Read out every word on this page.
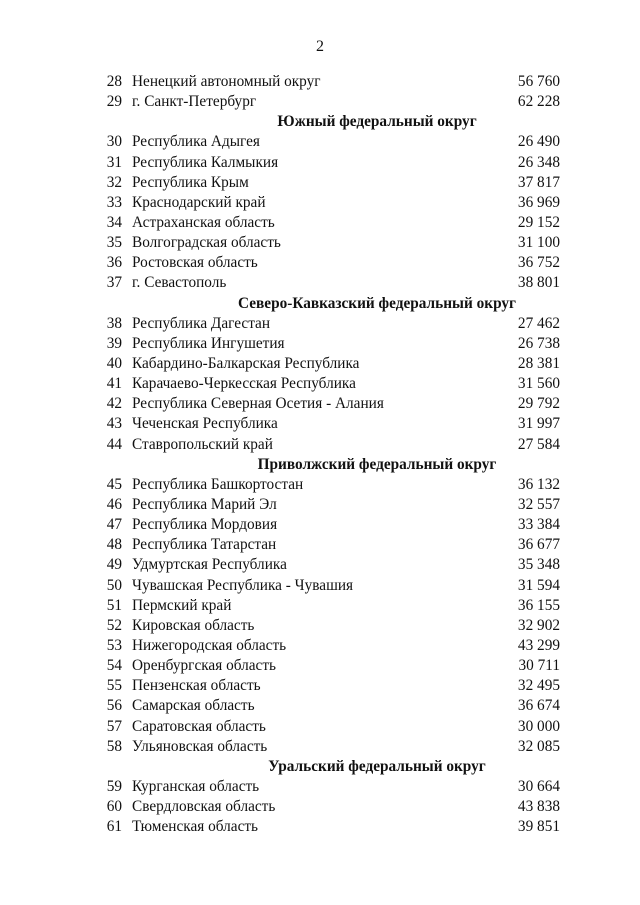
2
28 Ненецкий автономный округ	56 760
29 г. Санкт-Петербург	62 228
Южный федеральный округ
30 Республика Адыгея	26 490
31 Республика Калмыкия	26 348
32 Республика Крым	37 817
33 Краснодарский край	36 969
34 Астраханская область	29 152
35 Волгоградская область	31 100
36 Ростовская область	36 752
37 г. Севастополь	38 801
Северо-Кавказский федеральный округ
38 Республика Дагестан	27 462
39 Республика Ингушетия	26 738
40 Кабардино-Балкарская Республика	28 381
41 Карачаево-Черкесская Республика	31 560
42 Республика Северная Осетия - Алания	29 792
43 Чеченская Республика	31 997
44 Ставропольский край	27 584
Приволжский федеральный округ
45 Республика Башкортостан	36 132
46 Республика Марий Эл	32 557
47 Республика Мордовия	33 384
48 Республика Татарстан	36 677
49 Удмуртская Республика	35 348
50 Чувашская Республика - Чувашия	31 594
51 Пермский край	36 155
52 Кировская область	32 902
53 Нижегородская область	43 299
54 Оренбургская область	30 711
55 Пензенская область	32 495
56 Самарская область	36 674
57 Саратовская область	30 000
58 Ульяновская область	32 085
Уральский федеральный округ
59 Курганская область	30 664
60 Свердловская область	43 838
61 Тюменская область	39 851
